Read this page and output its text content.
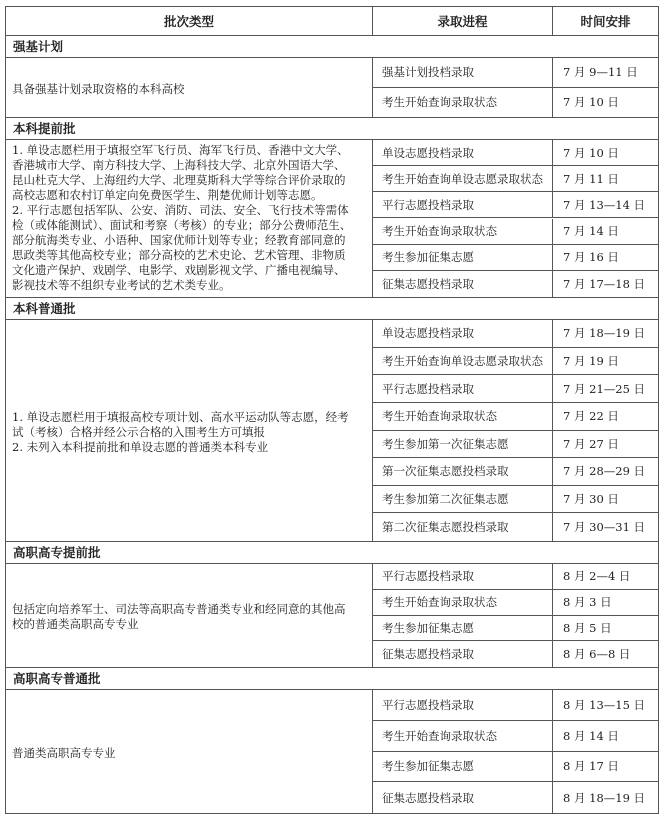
批次类型	录取进程	时间安排
强基计划
具备强基计划录取资格的本科高校
强基计划投档录取	7 月 9—11 日
考生开始查询录取状态	7 月 10 日
本科提前批
1. 单设志愿栏用于填报空军飞行员、海军飞行员、香港中文大学、
香港城市大学、南方科技大学、上海科技大学、北京外国语大学、
昆山杜克大学、上海纽约大学、北理莫斯科大学等综合评价录取的
高校志愿和农村订单定向免费医学生、荆楚优师计划等志愿。
2. 平行志愿包括军队、公安、消防、司法、安全、飞行技术等需体
检（或体能测试）、面试和考察（考核）的专业；部分公费师范生、
部分航海类专业、小语种、国家优师计划等专业；经教育部同意的
思政类等其他高校专业；部分高校的艺术史论、艺术管理、非物质
文化遗产保护、戏剧学、电影学、戏剧影视文学、广播电视编导、
影视技术等不组织专业考试的艺术类专业。
单设志愿投档录取	7 月 10 日
考生开始查询单设志愿录取状态	7 月 11 日
平行志愿投档录取	7 月 13—14 日
考生开始查询录取状态	7 月 14 日
考生参加征集志愿	7 月 16 日
征集志愿投档录取	7 月 17—18 日
本科普通批
1. 单设志愿栏用于填报高校专项计划、高水平运动队等志愿，经考
试（考核）合格并经公示合格的入围考生方可填报
2. 未列入本科提前批和单设志愿的普通类本科专业
单设志愿投档录取	7 月 18—19 日
考生开始查询单设志愿录取状态	7 月 19 日
平行志愿投档录取	7 月 21—25 日
考生开始查询录取状态	7 月 22 日
考生参加第一次征集志愿	7 月 27 日
第一次征集志愿投档录取	7 月 28—29 日
考生参加第二次征集志愿	7 月 30 日
第二次征集志愿投档录取	7 月 30—31 日
高职高专提前批
包括定向培养军士、司法等高职高专普通类专业和经同意的其他高
校的普通类高职高专专业
平行志愿投档录取	8 月 2—4 日
考生开始查询录取状态	8 月 3 日
考生参加征集志愿	8 月 5 日
征集志愿投档录取	8 月 6—8 日
高职高专普通批
普通类高职高专专业
平行志愿投档录取	8 月 13—15 日
考生开始查询录取状态	8 月 14 日
考生参加征集志愿	8 月 17 日
征集志愿投档录取	8 月 18—19 日
